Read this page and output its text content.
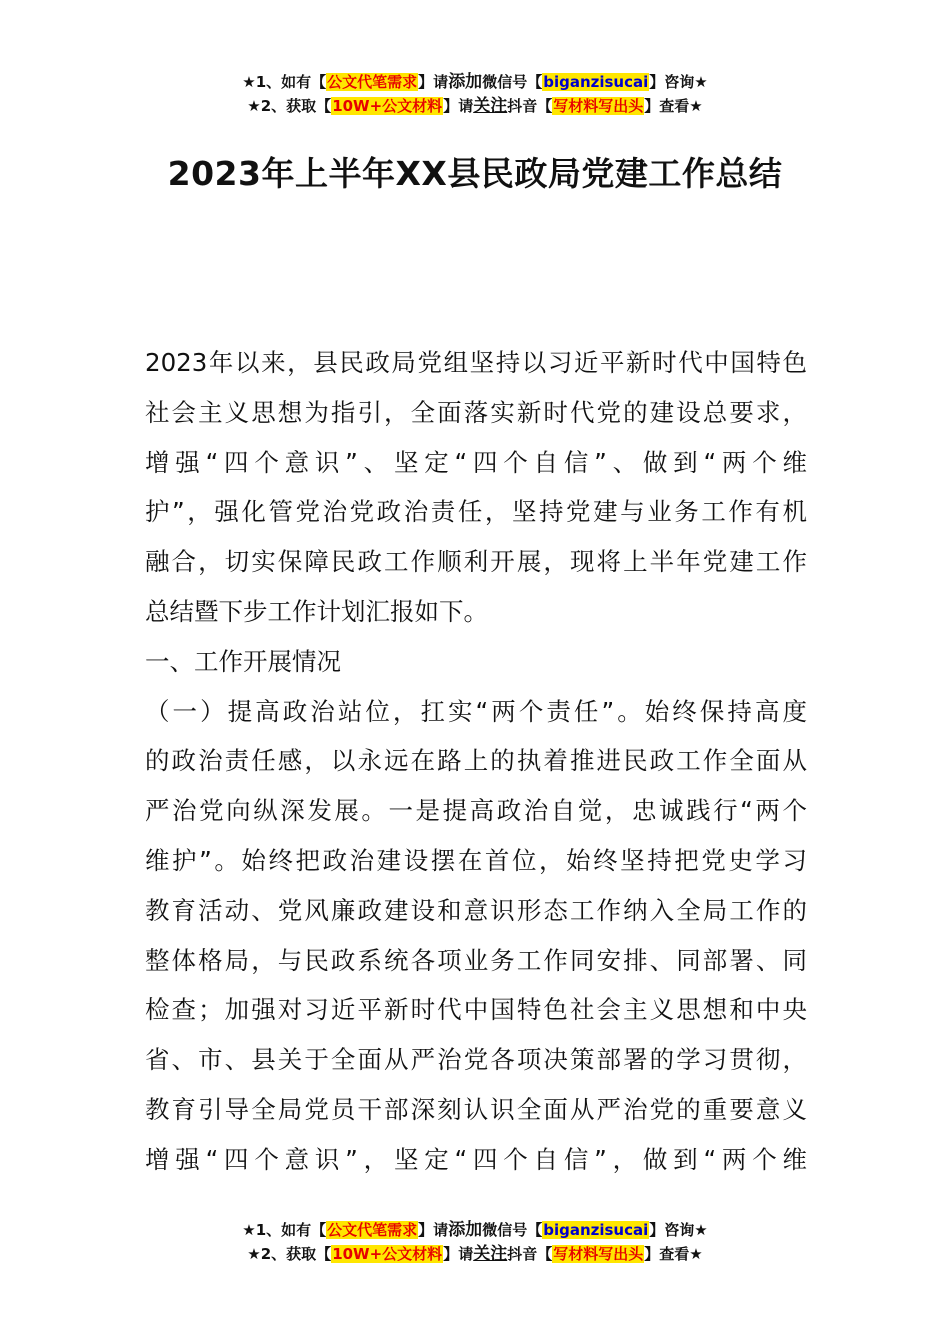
★1、如有【公文代笔需求】请添加微信号【biganzisucai】咨询★
★2、获取【10W+公文材料】请关注抖音【写材料写出头】查看★
2023年上半年XX县民政局党建工作总结
2023年以来，县民政局党组坚持以习近平新时代中国特色
社会主义思想为指引，全面落实新时代党的建设总要求，
增强“四个意识”、坚定“四个自信”、做到“两个维
护”，强化管党治党政治责任，坚持党建与业务工作有机
融合，切实保障民政工作顺利开展，现将上半年党建工作
总结暨下步工作计划汇报如下。
一、工作开展情况
（一）提高政治站位，扛实“两个责任”。始终保持高度
的政治责任感，以永远在路上的执着推进民政工作全面从
严治党向纵深发展。一是提高政治自觉，忠诚践行“两个
维护”。始终把政治建设摆在首位，始终坚持把党史学习
教育活动、党风廉政建设和意识形态工作纳入全局工作的
整体格局，与民政系统各项业务工作同安排、同部署、同
检查；加强对习近平新时代中国特色社会主义思想和中央
省、市、县关于全面从严治党各项决策部署的学习贯彻，
教育引导全局党员干部深刻认识全面从严治党的重要意义
增强“四个意识”，坚定“四个自信”，做到“两个维
★1、如有【公文代笔需求】请添加微信号【biganzisucai】咨询★
★2、获取【10W+公文材料】请关注抖音【写材料写出头】查看★
